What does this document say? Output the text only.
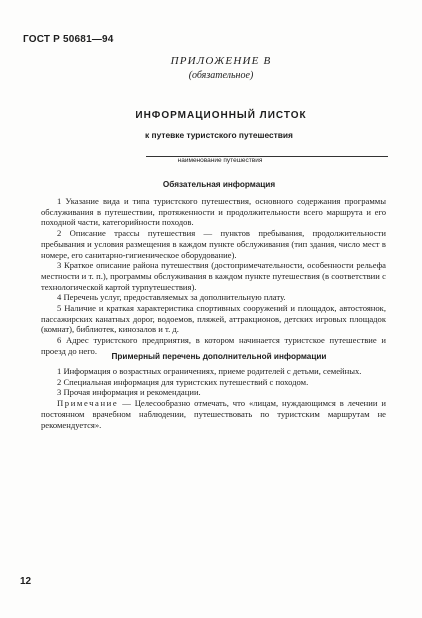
ГОСТ Р 50681—94
ПРИЛОЖЕНИЕ В
(обязательное)
ИНФОРМАЦИОННЫЙ ЛИСТОК
к путевке туристского путешествия
наименование путешествия
Обязательная информация

1 Указание вида и типа туристского путешествия, основного содержания программы обслуживания в путешествии, протяженности и продолжительности всего маршрута и его походной части, категорийности походов.

2 Описание трассы путешествия — пунктов пребывания, продолжительности пребывания и условия размещения в каждом пункте обслуживания (тип здания, число мест в номере, его санитарно-гигиеническое оборудование).

3 Краткое описание района путешествия (достопримечательности, особенности рельефа местности и т. п.), программы обслуживания в каждом пункте путешествия (в соответствии с технологической картой турпутешествия).

4 Перечень услуг, предоставляемых за дополнительную плату.

5 Наличие и краткая характеристика спортивных сооружений и площадок, автостоянок, пассажирских канатных дорог, водоемов, пляжей, аттракционов, детских игровых площадок (комнат), библиотек, кинозалов и т. д.

6 Адрес туристского предприятия, в котором начинается туристское путешествие и проезд до него.

Примерный перечень дополнительной информации

1 Информация о возрастных ограничениях, приеме родителей с детьми, семейных.

2 Специальная информация для туристских путешествий с походом.

3 Прочая информация и рекомендации.

Примечание — Целесообразно отмечать, что «лицам, нуждающимся в лечении и постоянном врачебном наблюдении, путешествовать по туристским маршрутам не рекомендуется».

12
